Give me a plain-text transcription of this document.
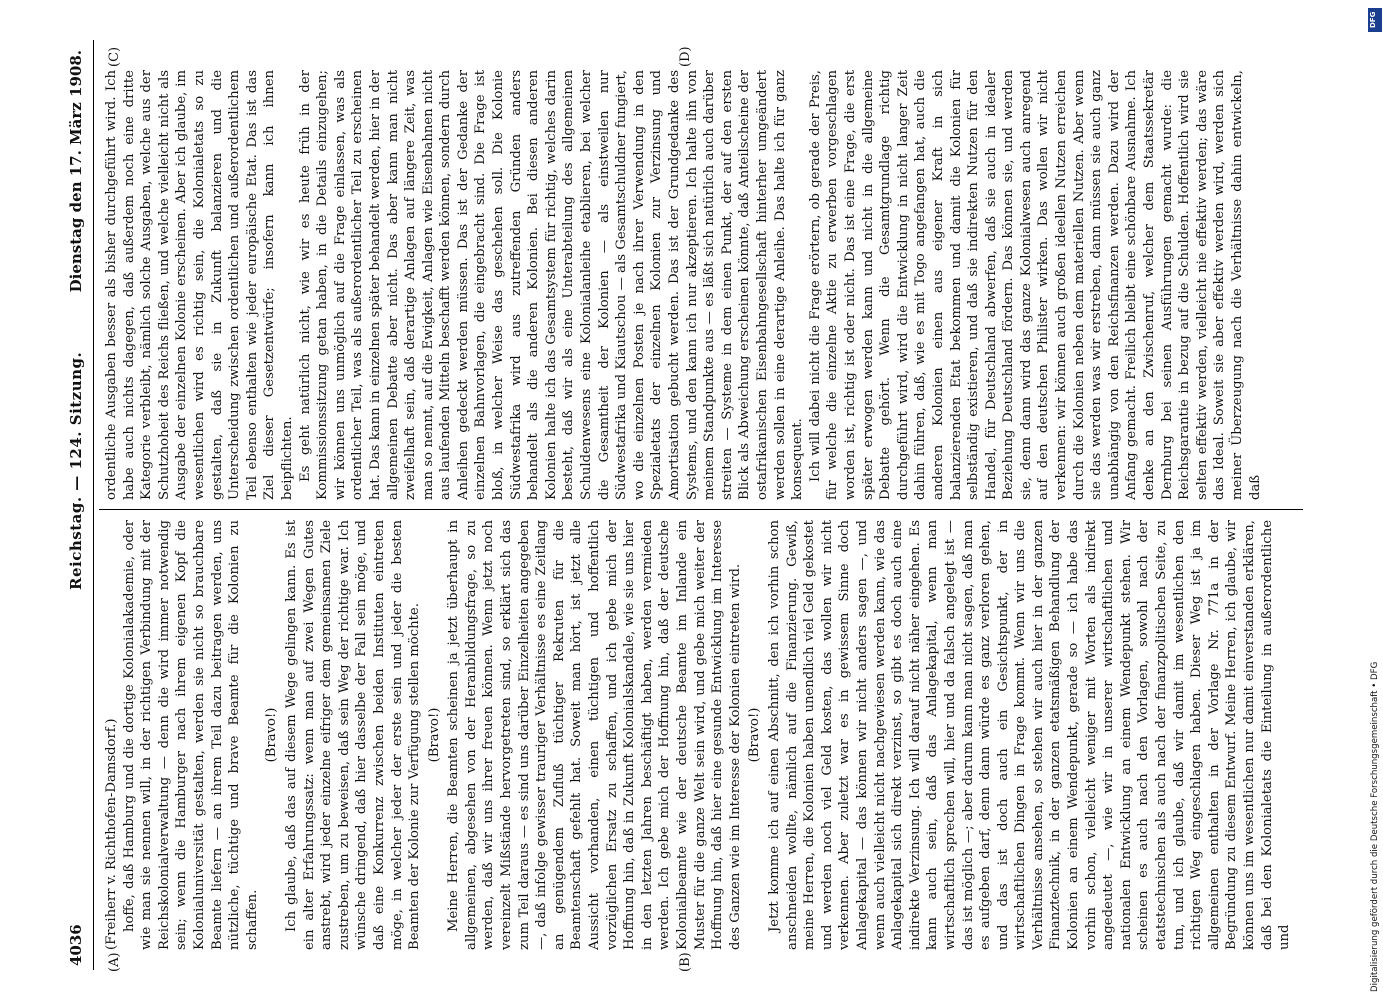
4036
Reichstag. — 124. Sitzung.
Dienstag den 17. März 1908.
(A)	(B)
(C)	(D)

(Freiherr v. Richthofen-Damsdorf.) hoffe, daß Hamburg und die dortige Kolonialakademie, oder wie man sie nennen will, in der richtigen Verbindung mit der Reichskolonialverwaltung — denn die wird immer notwendig sein; wenn die Hamburger nach ihrem eigenen Kopf die Kolonialuniversität gestalten, werden sie nicht so brauchbare Beamte liefern — an ihrem Teil dazu beitragen werden, uns nützliche, tüchtige und brave Beamte für die Kolonien zu schaffen.

(Bravo!) Ich glaube, daß das auf diesem Wege gelingen kann. Es ist ein alter Erfahrungssatz: wenn man auf zwei Wegen Gutes anstrebt, wird jeder einzelne eifriger dem gemeinsamen Ziele zustreben, um zu beweisen, daß sein Weg der richtige war. Ich wünsche dringend, daß hier dasselbe der Fall sein möge, und daß eine Konkurrenz zwischen beiden Instituten eintreten möge, in welcher jeder der erste sein und jeder die besten Beamten der Kolonie zur Verfügung stellen möchte. (Bravo!) Meine Herren, die Beamten scheinen ja jetzt überhaupt in allgemeinen, abgesehen von der Heranbildungsfrage, so zu werden, daß wir uns ihrer freuen können. Wenn jetzt noch vereinzelt Mißstände hervorgetreten sind, so erklärt sich das zum Teil daraus — es sind uns darüber Einzelheiten angegeben —, daß infolge gewisser trauriger Verhältnisse es eine Zeitlang an genügendem Zufluß tüchtiger Rekruten für die Beamtenschaft gefehlt hat. Soweit man hört, ist jetzt alle Aussicht vorhanden, einen tüchtigen und hoffentlich vorzüglichen Ersatz zu schaffen, und ich gebe mich der Hoffnung hin, daß in Zukunft Kolonialskandale, wie sie uns hier in den letzten Jahren beschäftigt haben, werden vermieden werden. Ich gebe mich der Hoffnung hin, daß der deutsche Kolonialbeamte wie der deutsche Beamte im Inlande ein Muster für die ganze Welt sein wird, und gebe mich weiter der Hoffnung hin, daß hier eine gesunde Entwicklung im Interesse des Ganzen wie im Interesse der Kolonien eintreten wird. (Bravo!) Jetzt komme ich auf einen Abschnitt, den ich vorhin schon anschneiden wollte, nämlich auf die Finanzierung. Gewiß, meine Herren, die Kolonien haben unendlich viel Geld gekostet und werden noch viel Geld kosten, das wollen wir nicht verkennen. Aber zuletzt war es in gewissem Sinne doch Anlagekapital — das können wir nicht anders sagen —, und wenn auch vielleicht nicht nachgewiesen werden kann, wie das Anlagekapital sich direkt verzinst, so gibt es doch auch eine indirekte Verzinsung. Ich will darauf nicht näher eingehen. Es kann auch sein, daß das Anlagekapital, wenn man wirtschaftlich sprechen will, hier und da falsch angelegt ist — das ist möglich —; aber darum kann man nicht sagen, daß man es aufgeben darf, denn dann würde es ganz verloren gehen, und das ist doch auch ein Gesichtspunkt, der in wirtschaftlichen Dingen in Frage kommt. Wenn wir uns die Verhältnisse ansehen, so stehen wir auch hier in der ganzen Finanztechnik, in der ganzen etatsmäßigen Behandlung der Kolonien an einem Wendepunkt, gerade so — ich habe das vorhin schon, vielleicht weniger mit Worten als indirekt angedeutet —, wie wir in unserer wirtschaftlichen und nationalen Entwicklung an einem Wendepunkt stehen. Wir scheinen es auch nach den Vorlagen, sowohl nach der etatstechnischen als auch nach der finanzpolitischen Seite, zu tun, und ich glaube, daß wir damit im wesentlichen den richtigen Weg eingeschlagen haben. Dieser Weg ist ja im allgemeinen enthalten in der Vorlage Nr. 771a in der Begründung zu diesem Entwurf. Meine Herren, ich glaube, wir können uns im wesentlichen nur damit einverstanden erklären, daß bei den Kolonialetats die Einteilung in außerordentliche und

ordentliche Ausgaben besser als bisher durchgeführt wird. Ich habe auch nichts dagegen, daß außerdem noch eine dritte Kategorie verbleibt, nämlich solche Ausgaben, welche aus der Schutzhoheit des Reichs fließen, und welche vielleicht nicht als Ausgabe der einzelnen Kolonie erscheinen. Aber ich glaube, im wesentlichen wird es richtig sein, die Kolonialetats so zu gestalten, daß sie in Zukunft balanzieren und die Unterscheidung zwischen ordentlichen und außerordentlichem Teil ebenso enthalten wie jeder europäische Etat. Das ist das Ziel dieser Gesetzentwürfe; insofern kann ich ihnen beipflichten. Es geht natürlich nicht, wie wir es heute früh in der Kommissionssitzung getan haben, in die Details einzugehen; wir können uns unmöglich auf die Frage einlassen, was als ordentlicher Teil, was als außerordentlicher Teil zu erscheinen hat. Das kann in einzelnen später behandelt werden, hier in der allgemeinen Debatte aber nicht. Das aber kann man nicht zweifelhaft sein, daß derartige Anlagen auf längere Zeit, was man so nennt, auf die Ewigkeit, Anlagen wie Eisenbahnen nicht aus laufenden Mitteln beschafft werden können, sondern durch Anleihen gedeckt werden müssen. Das ist der Gedanke der einzelnen Bahnvorlagen, die eingebracht sind. Die Frage ist bloß, in welcher Weise das geschehen soll. Die Kolonie Südwestafrika wird aus zutreffenden Gründen anders behandelt als die anderen Kolonien. Bei diesen anderen Kolonien halte ich das Gesamtsystem für richtig, welches darin besteht, daß wir als eine Unterabteilung des allgemeinen Schuldenwesens eine Kolonialanleihe etablieren, bei welcher die Gesamtheit der Kolonien — als einstweilen nur Südwestafrika und Kiautschou — als Gesamtschuldner fungiert, wo die einzelnen Posten je nach ihrer Verwendung in den Spezialetats der einzelnen Kolonien zur Verzinsung und Amortisation gebucht werden. Das ist der Grundgedanke des Systems, und den kann ich nur akzeptieren. Ich halte ihn von meinem Standpunkte aus — es läßt sich natürlich auch darüber streiten — Systeme in dem einen Punkt, der auf den ersten Blick als Abweichung erscheinen könnte, daß Anteilscheine der ostafrikanischen Eisenbahngesellschaft hinterher umgeändert werden sollen in eine derartige Anleihe. Das halte ich für ganz konsequent. Ich will dabei nicht die Frage erörtern, ob gerade der Preis, für welche die einzelne Aktie zu erwerben vorgeschlagen worden ist, richtig ist oder nicht. Das ist eine Frage, die erst später erwogen werden kann und nicht in die allgemeine Debatte gehört. Wenn die Gesamtgrundlage richtig durchgeführt wird, wird die Entwicklung in nicht langer Zeit dahin führen, daß, wie es mit Togo angefangen hat, auch die anderen Kolonien einen aus eigener Kraft in sich balanzierenden Etat bekommen und damit die Kolonien für selbständig existieren, und daß sie indirekten Nutzen für den Handel, für Deutschland abwerfen, daß sie auch in idealer Beziehung Deutschland fördern. Das können sie, und werden sie, denn dann wird das ganze Kolonialwesen auch anregend auf den deutschen Philister wirken. Das wollen wir nicht verkennen: wir können auch großen ideellen Nutzen erreichen durch die Kolonien neben dem materiellen Nutzen. Aber wenn sie das werden was wir erstreben, dann müssen sie auch ganz unabhängig von den Reichsfinanzen werden. Dazu wird der Anfang gemacht. Freilich bleibt eine schönbare Ausnahme. Ich denke an den Zwischenruf, welcher dem Staatssekretär Dernburg bei seinen Ausführungen gemacht wurde: die Reichsgarantie in bezug auf die Schulden. Hoffentlich wird sie selten effektiv werden, vielleicht nie effektiv werden; das wäre das Ideal. Soweit sie aber effektiv werden wird, werden sich meiner Überzeugung nach die Verhältnisse dahin entwickeln, daß

Digitalisierung gefördert durch die Deutsche Forschungsgemeinschaft • DFG
DFG
